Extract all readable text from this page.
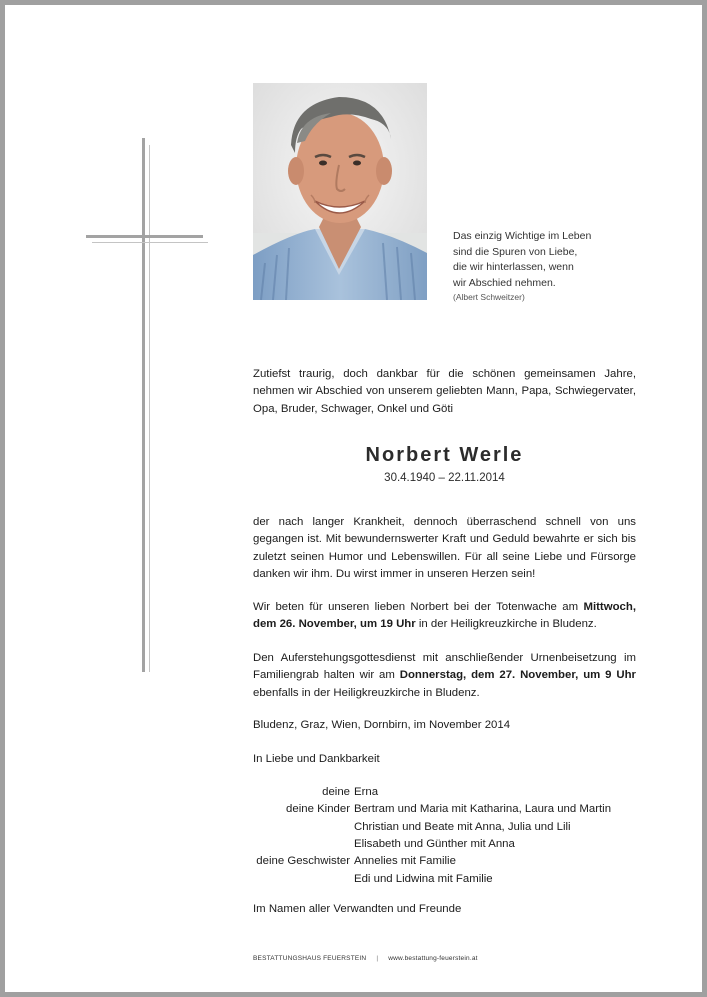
Das einzig Wichtige im Leben
sind die Spuren von Liebe,
die wir hinterlassen, wenn
wir Abschied nehmen.
(Albert Schweitzer)
Zutiefst traurig, doch dankbar für die schönen gemeinsamen Jahre, nehmen wir Abschied von unserem geliebten Mann, Papa, Schwiegervater, Opa, Bruder, Schwager, Onkel und Göti
Norbert Werle
30.4.1940 – 22.11.2014
der nach langer Krankheit, dennoch überraschend schnell von uns gegangen ist. Mit bewundernswerter Kraft und Geduld bewahrte er sich bis zuletzt seinen Humor und Lebenswillen. Für all seine Liebe und Fürsorge danken wir ihm. Du wirst immer in unseren Herzen sein!
Wir beten für unseren lieben Norbert bei der Totenwache am Mittwoch, dem 26. November, um 19 Uhr in der Heiligkreuzkirche in Bludenz.
Den Auferstehungsgottesdienst mit anschließender Urnenbeisetzung im Familiengrab halten wir am Donnerstag, dem 27. November, um 9 Uhr ebenfalls in der Heiligkreuzkirche in Bludenz.
Bludenz, Graz, Wien, Dornbirn, im November 2014
In Liebe und Dankbarkeit
deine
deine Kinder
deine Geschwister
Erna
Bertram und Maria mit Katharina, Laura und Martin
Christian und Beate mit Anna, Julia und Lili
Elisabeth und Günther mit Anna
Annelies mit Familie
Edi und Lidwina mit Familie
Im Namen aller Verwandten und Freunde
BESTATTUNGSHAUS FEUERSTEIN | www.bestattung-feuerstein.at
